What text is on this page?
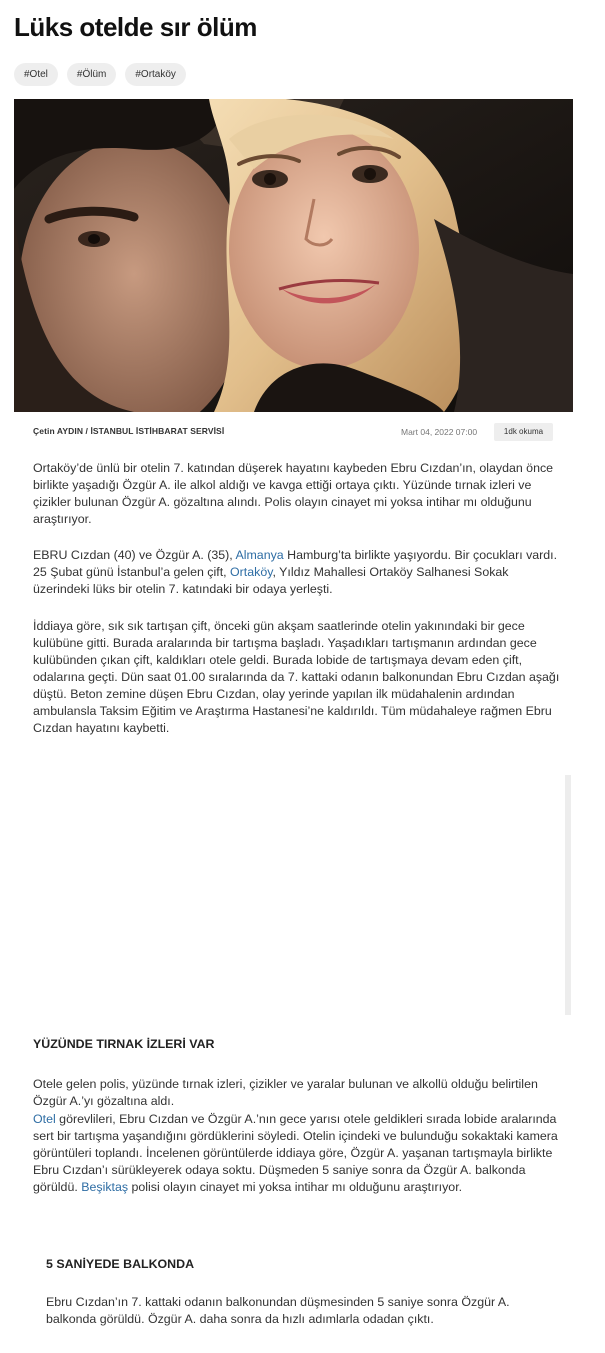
Lüks otelde sır ölüm
#Otel	#Ölüm	#Ortaköy
Çetin AYDIN / İSTANBUL İSTİHBARAT SERVİSİ	Mart 04, 2022 07:00	1dk okuma

Ortaköy’de ünlü bir otelin 7. katından düşerek hayatını kaybeden Ebru Cızdan’ın, olaydan önce birlikte yaşadığı Özgür A. ile alkol aldığı ve kavga ettiği ortaya çıktı. Yüzünde tırnak izleri ve çizikler bulunan Özgür A. gözaltına alındı. Polis olayın cinayet mi yoksa intihar mı olduğunu araştırıyor.

EBRU Cızdan (40) ve Özgür A. (35), Almanya Hamburg’ta birlikte yaşıyordu. Bir çocukları vardı. 25 Şubat günü İstanbul’a gelen çift, Ortaköy, Yıldız Mahallesi Ortaköy Salhanesi Sokak üzerindeki lüks bir otelin 7. katındaki bir odaya yerleşti.

İddiaya göre, sık sık tartışan çift, önceki gün akşam saatlerinde otelin yakınındaki bir gece kulübüne gitti. Burada aralarında bir tartışma başladı. Yaşadıkları tartışmanın ardından gece kulübünden çıkan çift, kaldıkları otele geldi. Burada lobide de tartışmaya devam eden çift, odalarına geçti. Dün saat 01.00 sıralarında da 7. kattaki odanın balkonundan Ebru Cızdan aşağı düştü. Beton zemine düşen Ebru Cızdan, olay yerinde yapılan ilk müdahalenin ardından ambulansla Taksim Eğitim ve Araştırma Hastanesi’ne kaldırıldı. Tüm müdahaleye rağmen Ebru Cızdan hayatını kaybetti.

YÜZÜNDE TIRNAK İZLERİ VAR

Otele gelen polis, yüzünde tırnak izleri, çizikler ve yaralar bulunan ve alkollü olduğu belirtilen Özgür A.’yı gözaltına aldı.

Otel görevlileri, Ebru Cızdan ve Özgür A.’nın gece yarısı otele geldikleri sırada lobide aralarında sert bir tartışma yaşandığını gördüklerini söyledi. Otelin içindeki ve bulunduğu sokaktaki kamera görüntüleri toplandı. İncelenen görüntülerde iddiaya göre, Özgür A. yaşanan tartışmayla birlikte Ebru Cızdan’ı sürükleyerek odaya soktu. Düşmeden 5 saniye sonra da Özgür A. balkonda görüldü. Beşiktaş polisi olayın cinayet mi yoksa intihar mı olduğunu araştırıyor.

5 SANİYEDE BALKONDA

Ebru Cızdan’ın 7. kattaki odanın balkonundan düşmesinden 5 saniye sonra Özgür A. balkonda görüldü. Özgür A. daha sonra da hızlı adımlarla odadan çıktı.
